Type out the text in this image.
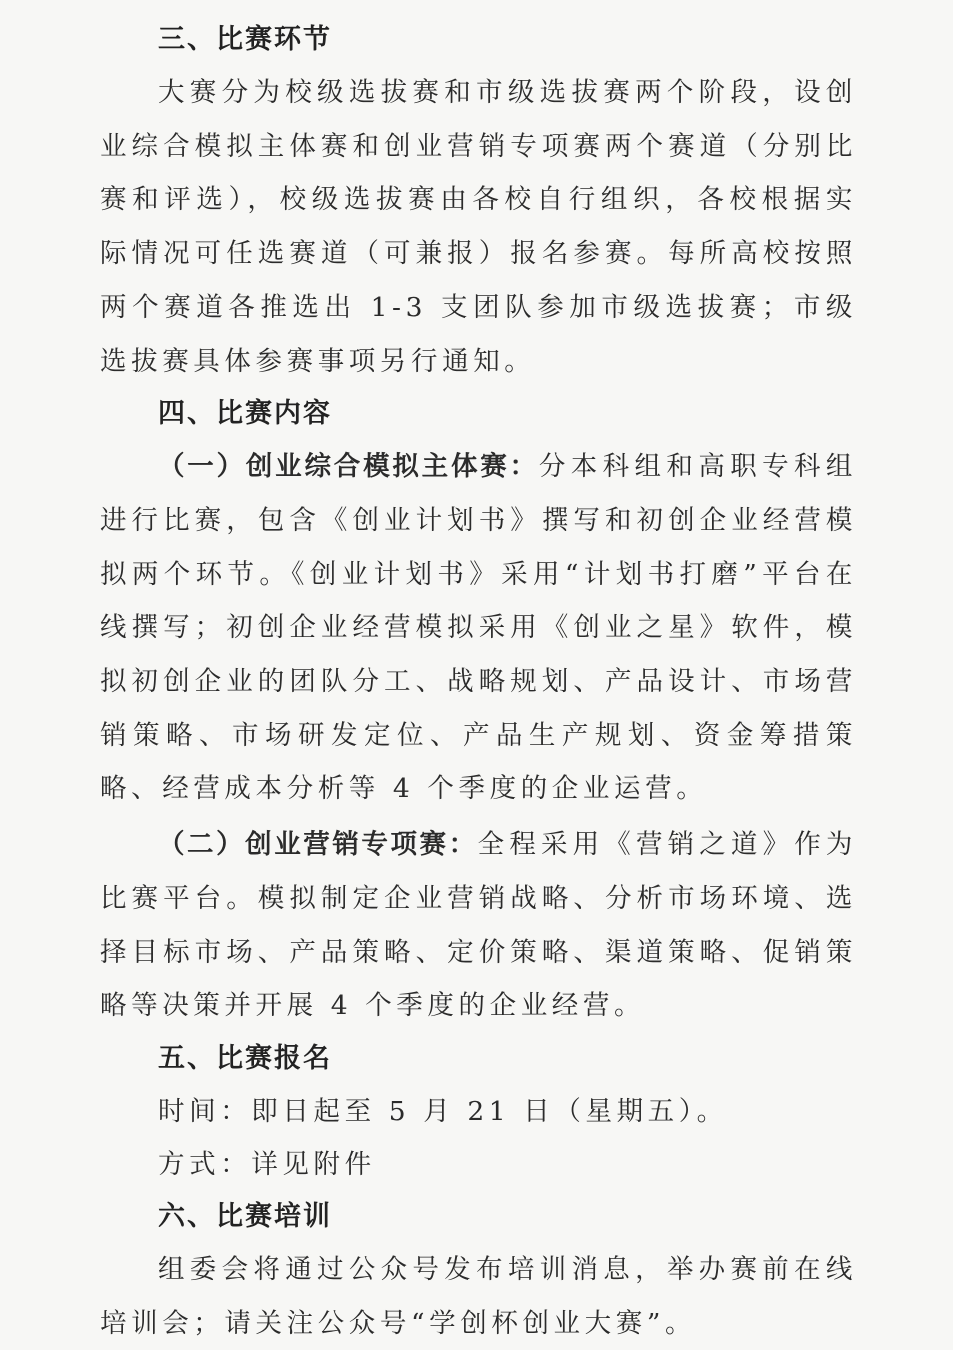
三、比赛环节

大赛分为校级选拔赛和市级选拔赛两个阶段，设创业综合模拟主体赛和创业营销专项赛两个赛道（分别比赛和评选），校级选拔赛由各校自行组织，各校根据实际情况可任选赛道（可兼报）报名参赛。每所高校按照两个赛道各推选出 1-3 支团队参加市级选拔赛；市级选拔赛具体参赛事项另行通知。

四、比赛内容

（一）创业综合模拟主体赛：分本科组和高职专科组进行比赛，包含《创业计划书》撰写和初创企业经营模拟两个环节。《创业计划书》采用“计划书打磨”平台在线撰写；初创企业经营模拟采用《创业之星》软件，模拟初创企业的团队分工、战略规划、产品设计、市场营销策略、市场研发定位、产品生产规划、资金筹措策略、经营成本分析等 4 个季度的企业运营。

（二）创业营销专项赛：全程采用《营销之道》作为比赛平台。模拟制定企业营销战略、分析市场环境、选择目标市场、产品策略、定价策略、渠道策略、促销策略等决策并开展 4 个季度的企业经营。

五、比赛报名
时间：即日起至 5 月 21 日（星期五）。
方式：详见附件
六、比赛培训

组委会将通过公众号发布培训消息，举办赛前在线培训会；请关注公众号“学创杯创业大赛”。
